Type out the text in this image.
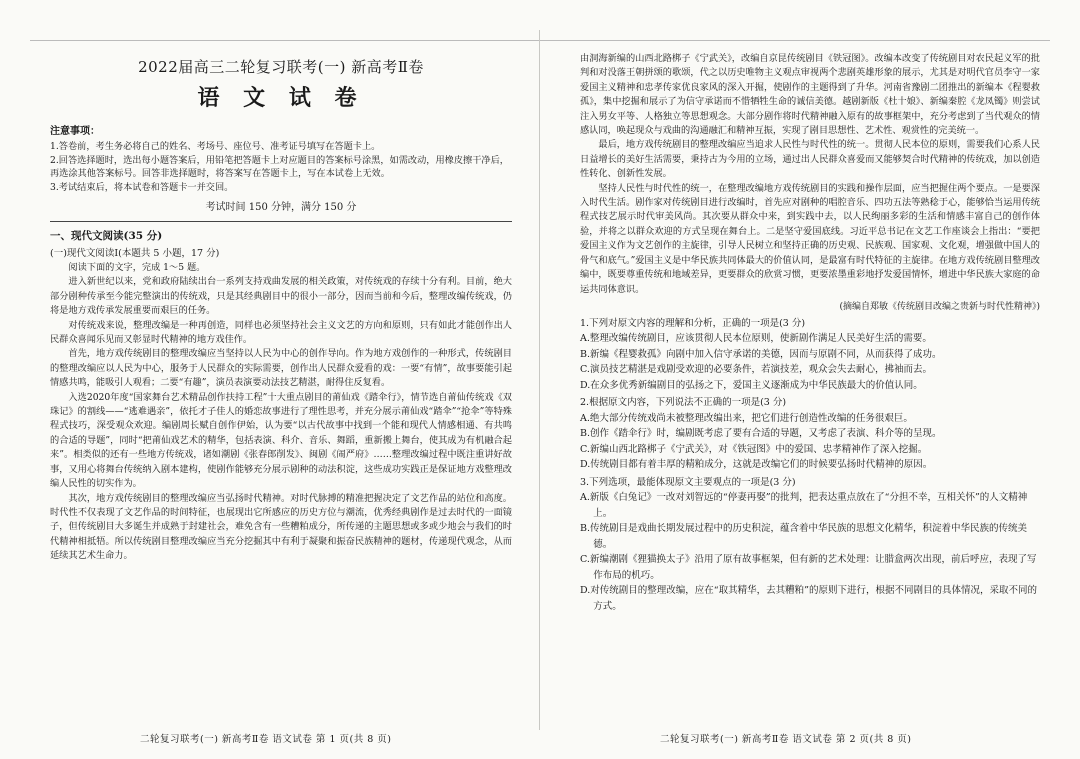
2022届高三二轮复习联考(一) 新高考Ⅱ卷
语 文 试 卷
注意事项：

1.答卷前，考生务必将自己的姓名、考场号、座位号、准考证号填写在答题卡上。

2.回答选择题时，选出每小题答案后，用铅笔把答题卡上对应题目的答案标号涂黑，如需改动，用橡皮擦干净后，再选涂其他答案标号。回答非选择题时，将答案写在答题卡上，写在本试卷上无效。

3.考试结束后，将本试卷和答题卡一并交回。

考试时间 150 分钟，满分 150 分
一、现代文阅读(35 分)
(一)现代文阅读Ⅰ(本题共 5 小题，17 分)

阅读下面的文字，完成 1～5 题。

进入新世纪以来，党和政府陆续出台一系列支持戏曲发展的相关政策，对传统戏的存续十分有利。目前，绝大部分剧种传承至今能完整演出的传统戏，只是其经典剧目中的很小一部分，因而当前和今后，整理改编传统戏，仍将是地方戏传承发展重要而艰巨的任务。

对传统戏来说，整理改编是一种再创造，同样也必须坚持社会主义文艺的方向和原则，只有如此才能创作出人民群众喜闻乐见而又彰显时代精神的地方戏佳作。

首先，地方戏传统剧目的整理改编应当坚持以人民为中心的创作导向。作为地方戏创作的一种形式，传统剧目的整理改编应以人民为中心，服务于人民群众的实际需要，创作出人民群众爱看的戏：一要“有情”，故事要能引起情感共鸣，能吸引人观看；二要“有趣”，演员表演要动法技艺精湛，耐得住反复看。

入选2020年度“国家舞台艺术精品创作扶持工程”十大重点剧目的莆仙戏《踏伞行》，情节选自莆仙传统戏《双珠记》的割线——“逃难遇亲”，依托才子佳人的婚恋故事进行了理性思考，并充分展示莆仙戏“踏伞”“抢伞”等特殊程式技巧，深受观众欢迎。编剧周长赋自创作伊始，认为要“以古代故事中找到一个能和现代人情感相通、有共鸣的合适的导题”，同时“把莆仙戏艺术的精华，包括表演、科介、音乐、舞蹈，重新搬上舞台，使其成为有机融合起来”。相类似的还有一些地方传统戏，诸如潮剧《张春郎削发》、闽剧《闹严府》……整理改编过程中既注重讲好故事，又用心将舞台传统纳入剧本建构，使剧作能够充分展示剧种的动法积淀，这些成功实践正是保证地方戏整理改编人民性的切实作为。

其次，地方戏传统剧目的整理改编应当弘扬时代精神。对时代脉搏的精准把握决定了文艺作品的站位和高度。时代性不仅表现了文艺作品的时间特征，也展现出它所感应的历史方位与潮流，优秀经典剧作是过去时代的一面镜子，但传统剧目大多诞生并成熟于封建社会，难免含有一些糟粕成分，所传递的主题思想或多或少地会与我们的时代精神相抵牾。所以传统剧目整理改编应当充分挖掘其中有利于凝聚和振奋民族精神的题材，传递现代观念，从而延续其艺术生命力。

二轮复习联考(一) 新高考Ⅱ卷 语文试卷 第 1 页(共 8 页)

由洞海新编的山西北路梆子《宁武关》，改编自京昆传统剧目《铁冠图》。改编本改变了传统剧目对农民起义军的批判和对没落王朝拼颂的歌颂，代之以历史唯物主义观点审视两个悲剧英雄形象的展示，尤其是对明代官员李守一家爱国主义精神和忠孝传家优良家风的深入开掘，使剧作的主题得到了升华。河南省豫剧二团推出的新编本《程婴救孤》，集中挖掘和展示了为信守承诺而不惜牺牲生命的诚信美德。越剧新版《杜十娘》、新编秦腔《龙凤镯》则尝试注入男女平等、人格独立等思想观念。大部分剧作将时代精神融入原有的故事框架中，充分考虑到了当代观众的情感认同，唤起现众与戏曲的沟通融汇和精神互振，实现了剧目思想性、艺术性、观赏性的完美统一。

最后，地方戏传统剧目的整理改编应当追求人民性与时代性的统一。贯彻人民本位的原则，需要我们心系人民日益增长的美好生活需要，秉持古为今用的立场，通过出人民群众喜爱而又能够契合时代精神的传统戏，加以创造性转化、创新性发展。

坚持人民性与时代性的统一，在整理改编地方戏传统剧目的实践和操作层面，应当把握住两个要点。一是要深入时代生活。剧作家对传统剧目进行改编时，首先应对剧种的唱腔音乐、四功五法等熟稔于心，能够恰当运用传统程式技艺展示时代审美风尚。其次要从群众中来，到实践中去，以人民绚丽多彩的生活和情感丰富自己的创作体验，并将之以群众欢迎的方式呈现在舞台上。二是坚守爱国底线。习近平总书记在文艺工作座谈会上指出：“要把爱国主义作为文艺创作的主旋律，引导人民树立和坚持正确的历史观、民族观、国家观、文化观，增强做中国人的骨气和底气。”爱国主义是中华民族共同体最大的价值认同，是最富有时代特征的主旋律。在地方戏传统剧目整理改编中，既要尊重传统和地域差异，更要群众的欣赏习惯，更要浓墨重彩地抒发爱国情怀，增进中华民族大家庭的命运共同体意识。

(摘编自郑敏《传统剧目改编之贵新与时代性精神》)
1.下列对原文内容的理解和分析，正确的一项是(3 分)
A.整理改编传统剧目，应该贯彻人民本位原则，使新剧作满足人民美好生活的需要。
B.新编《程婴救孤》向剧中加入信守承诺的美德，因而与原剧不同，从而获得了成功。
C.演员技艺精湛是戏剧受欢迎的必要条件，若演技差，观众会失去耐心，拂袖而去。
D.在众多优秀新编剧目的弘扬之下，爱国主义逐渐成为中华民族最大的价值认同。
2.根据原文内容，下列说法不正确的一项是(3 分)
A.绝大部分传统戏尚未被整理改编出来，把它们进行创造性改编的任务很艰巨。
B.创作《踏伞行》时，编剧既考虑了要有合适的导题，又考虑了表演、科介等的呈现。
C.新编山西北路梆子《宁武关》，对《铁冠图》中的爱国、忠孝精神作了深入挖掘。
D.传统剧目都有着丰厚的精粕成分，这就是改编它们的时候要弘扬时代精神的原因。
3.下列选项，最能体现原文主要观点的一项是(3 分)
A.新版《白兔记》一改对刘智远的“停妻再娶”的批判，把表达重点放在了“分担不幸，互相关怀”的人文精神上。
B.传统剧目是戏曲长期发展过程中的历史积淀，蕴含着中华民族的思想文化精华，积淀着中华民族的传统美德。
C.新编潮剧《狸猫换太子》沿用了原有故事框架，但有新的艺术处理：让腊盒两次出现，前后呼应，表现了写作布局的机巧。
D.对传统剧目的整理改编，应在“取其精华，去其糟粕”的原则下进行，根据不同剧目的具体情况，采取不同的方式。
二轮复习联考(一) 新高考Ⅱ卷 语文试卷 第 2 页(共 8 页)
